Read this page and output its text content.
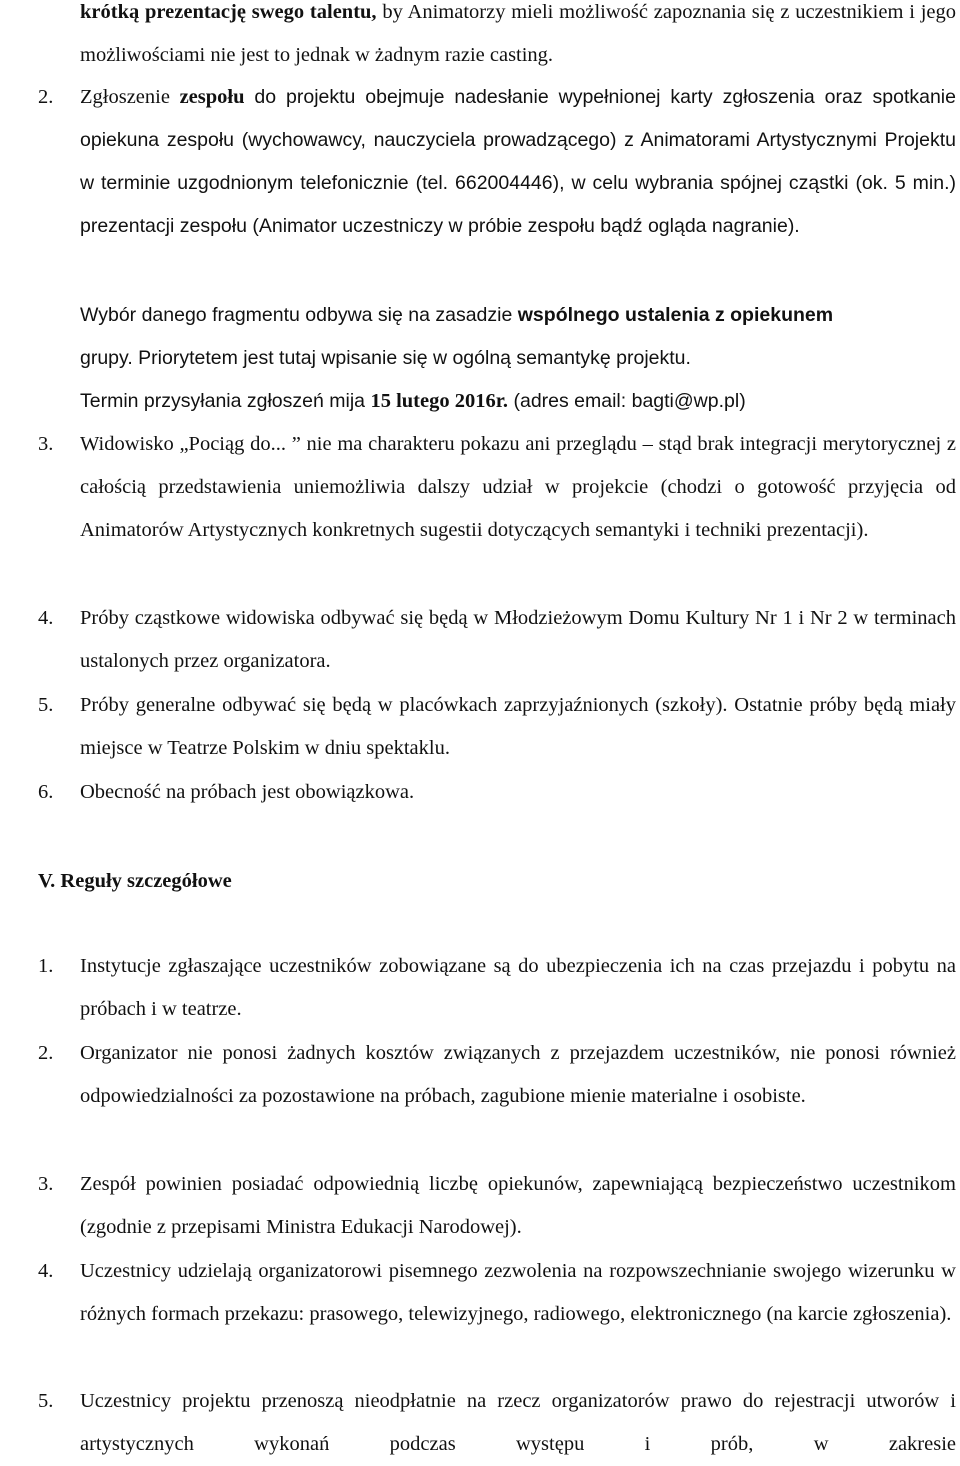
krótką prezentację swego talentu, by Animatorzy mieli możliwość zapoznania się z uczestnikiem i jego możliwościami nie jest to jednak w żadnym razie casting.

2. Zgłoszenie zespołu do projektu obejmuje nadesłanie wypełnionej karty zgłoszenia oraz spotkanie opiekuna zespołu (wychowawcy, nauczyciela prowadzącego) z Animatorami Artystycznymi Projektu w terminie uzgodnionym telefonicznie (tel. 662004446), w celu wybrania spójnej cząstki (ok. 5 min.) prezentacji zespołu (Animator uczestniczy w próbie zespołu bądź ogląda nagranie).

Wybór danego fragmentu odbywa się na zasadzie wspólnego ustalenia z opiekunem

grupy. Priorytetem jest tutaj wpisanie się w ogólną semantykę projektu.

Termin przysyłania zgłoszeń mija 15 lutego 2016r. (adres email: bagti@wp.pl)

3. Widowisko „Pociąg do... ” nie ma charakteru pokazu ani przeglądu – stąd brak integracji merytorycznej z całością przedstawienia uniemożliwia dalszy udział w projekcie (chodzi o gotowość przyjęcia od Animatorów Artystycznych konkretnych sugestii dotyczących semantyki i techniki prezentacji).

4. Próby cząstkowe widowiska odbywać się będą w Młodzieżowym Domu Kultury Nr 1 i Nr 2 w terminach ustalonych przez organizatora.

5. Próby generalne odbywać się będą w placówkach zaprzyjaźnionych (szkoły). Ostatnie próby będą miały miejsce w Teatrze Polskim w dniu spektaklu.

6. Obecność na próbach jest obowiązkowa.

V. Reguły szczegółowe

1. Instytucje zgłaszające uczestników zobowiązane są do ubezpieczenia ich na czas przejazdu i pobytu na próbach i w teatrze.

2. Organizator nie ponosi żadnych kosztów związanych z przejazdem uczestników, nie ponosi również odpowiedzialności za pozostawione na próbach, zagubione mienie materialne i osobiste.

3. Zespół powinien posiadać odpowiednią liczbę opiekunów, zapewniającą bezpieczeństwo uczestnikom (zgodnie z przepisami Ministra Edukacji Narodowej).

4. Uczestnicy udzielają organizatorowi pisemnego zezwolenia na rozpowszechnianie swojego wizerunku w różnych formach przekazu: prasowego, telewizyjnego, radiowego, elektronicznego (na karcie zgłoszenia).

5. Uczestnicy projektu przenoszą nieodpłatnie na rzecz organizatorów prawo do rejestracji utworów i artystycznych wykonań podczas występu i prób, w zakresie
